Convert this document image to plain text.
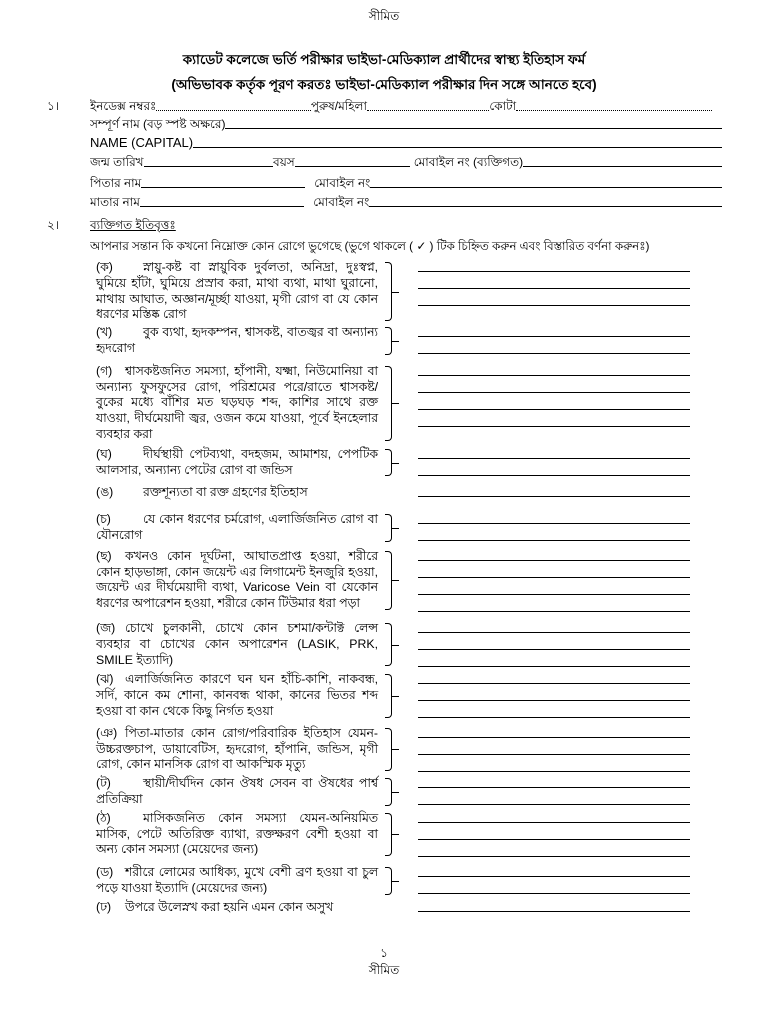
সীমিত
ক্যাডেট কলেজে ভর্তি পরীক্ষার ভাইভা-মেডিক্যাল প্রার্থীদের স্বাস্থ্য ইতিহাস ফর্ম
(অভিভাবক কর্তৃক পূরণ করতঃ ভাইভা-মেডিক্যাল পরীক্ষার দিন সঙ্গে আনতে হবে)
১।	ইনডেক্স নম্বরঃ	পুরুষ/মহিলা	কোটা
সম্পূর্ণ নাম (বড় স্পষ্ট অক্ষরে)
NAME (CAPITAL)
জন্ম তারিখ	বয়স	মোবাইল নং (ব্যক্তিগত)
পিতার নাম	মোবাইল নং
মাতার নাম	মোবাইল নং
২।	ব্যক্তিগত ইতিবৃত্তঃ
আপনার সন্তান কি কখনো নিম্নোক্ত কোন রোগে ভুগেছে (ভুগে থাকলে ( ✓ ) টিক চিহ্নিত করুন এবং বিস্তারিত বর্ণনা করুনঃ)
(ক) স্নায়ু-কষ্ট বা স্নায়ুবিক দুর্বলতা, অনিদ্রা, দুঃস্বপ্ন, ঘুমিয়ে হাঁটা, ঘুমিয়ে প্রস্রাব করা, মাথা ব্যথা, মাথা ঘুরানো, মাথায় আঘাত, অজ্ঞান/মূর্চ্ছা যাওয়া, মৃগী রোগ বা যে কোন ধরণের মস্তিষ্ক রোগ
(খ) বুক ব্যথা, হৃদকম্পন, শ্বাসকষ্ট, বাতজ্বর বা অন্যান্য হৃদরোগ
(গ) শ্বাসকষ্টজনিত সমস্যা, হাঁপানী, যক্ষ্মা, নিউমোনিয়া বা অন্যান্য ফুসফুসের রোগ, পরিশ্রমের পরে/রাতে শ্বাসকষ্ট/বুকের মধ্যে বাঁশির মত ঘড়ঘড় শব্দ, কাশির সাথে রক্ত যাওয়া, দীর্ঘমেয়াদী জ্বর, ওজন কমে যাওয়া, পূর্বে ইনহেলার ব্যবহার করা
(ঘ)	দীর্ঘস্থায়ী পেটব্যথা, বদহজম, আমাশয়, পেপটিক আলসার, অন্যান্য পেটের রোগ বা জন্ডিস
(ঙ) রক্তশূন্যতা বা রক্ত গ্রহণের ইতিহাস
(চ)	যে কোন ধরণের চর্মরোগ, এলার্জিজনিত রোগ বা যৌনরোগ
(ছ) কখনও কোন দূর্ঘটনা, আঘাতপ্রাপ্ত হওয়া, শরীরে কোন হাড়ভাঙ্গা, কোন জয়েন্ট এর লিগামেন্ট ইনজুরি হওয়া, জয়েন্ট এর দীর্ঘমেয়াদী ব্যথা, Varicose Vein বা যেকোন ধরণের অপারেশন হওয়া, শরীরে কোন টিউমার ধরা পড়া
(জ) চোখে চুলকানী, চোখে কোন চশমা/কন্টাক্ট লেন্স ব্যবহার বা চোখের কোন অপারেশন (LASIK, PRK, SMILE ইত্যাদি)
(ঝ) এলার্জিজনিত কারণে ঘন ঘন হাঁচি-কাশি, নাকবন্ধ, সর্দি, কানে কম শোনা, কানবন্ধ থাকা, কানের ভিতর শব্দ হওয়া বা কান থেকে কিছু নির্গত হওয়া
(ঞ) পিতা-মাতার কোন রোগ/পরিবারিক ইতিহাস যেমন-উচ্চরক্তচাপ, ডায়াবেটিস, হৃদরোগ, হাঁপানি, জন্ডিস, মৃগী রোগ, কোন মানসিক রোগ বা আকস্মিক মৃত্যু
(ট)	স্থায়ী/দীর্ঘদিন কোন ঔষধ সেবন বা ঔষধের পার্শ্ব প্রতিক্রিয়া
(ঠ)	মাসিকজনিত কোন সমস্যা যেমন-অনিয়মিত মাসিক, পেটে অতিরিক্ত ব্যাথা, রক্তক্ষরণ বেশী হওয়া বা অন্য কোন সমস্যা (মেয়েদের জন্য)
(ড) শরীরে লোমের আধিক্য, মুখে বেশী ব্রণ হওয়া বা চুল পড়ে যাওয়া ইত্যাদি (মেয়েদের জন্য)
(ঢ) উপরে উলেস্নখ করা হয়নি এমন কোন অসুখ
১
সীমিত
